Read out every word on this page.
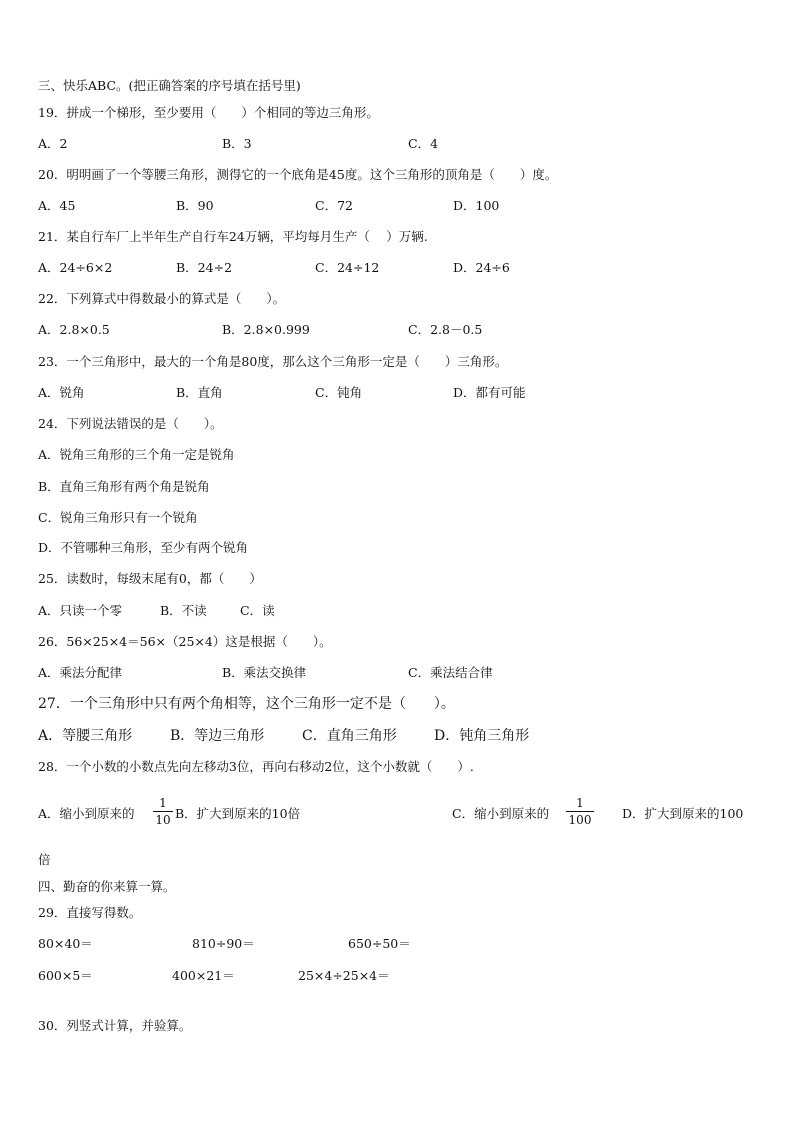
三、快乐ABC。(把正确答案的序号填在括号里)
19．拼成一个梯形，至少要用（　　）个相同的等边三角形。
A．2	B．3	C．4
20．明明画了一个等腰三角形，测得它的一个底角是45度。这个三角形的顶角是（　　）度。
A．45	B．90	C．72	D．100
21．某自行车厂上半年生产自行车24万辆，平均每月生产（　 ）万辆.
A．24÷6×2	B．24÷2	C．24÷12	D．24÷6
22．下列算式中得数最小的算式是（　　）。
A．2.8×0.5	B．2.8×0.999	C．2.8－0.5
23．一个三角形中，最大的一个角是80度，那么这个三角形一定是（　　）三角形。
A．锐角	B．直角	C．钝角	D．都有可能
24．下列说法错误的是（　　）。
A．锐角三角形的三个角一定是锐角
B．直角三角形有两个角是锐角
C．锐角三角形只有一个锐角
D．不管哪种三角形，至少有两个锐角
25．读数时，每级末尾有0，都（　　）
A．只读一个零	B．不读	C．读
26．56×25×4＝56×（25×4）这是根据（　　）。
A．乘法分配律	B．乘法交换律	C．乘法结合律
27．一个三角形中只有两个角相等，这个三角形一定不是（　　）。
A．等腰三角形	B．等边三角形	C．直角三角形	D．钝角三角形
28．一个小数的小数点先向左移动3位，再向右移动2位，这个小数就（　　）.
A．缩小到原来的
1
10 B．扩大到原来的10倍	C．缩小到原来的
1
100 D．扩大到原来的100
倍
四、勤奋的你来算一算。
29．直接写得数。
80×40＝	810÷90＝	650÷50＝
600×5＝	400×21＝	25×4÷25×4＝
30．列竖式计算，并验算。
